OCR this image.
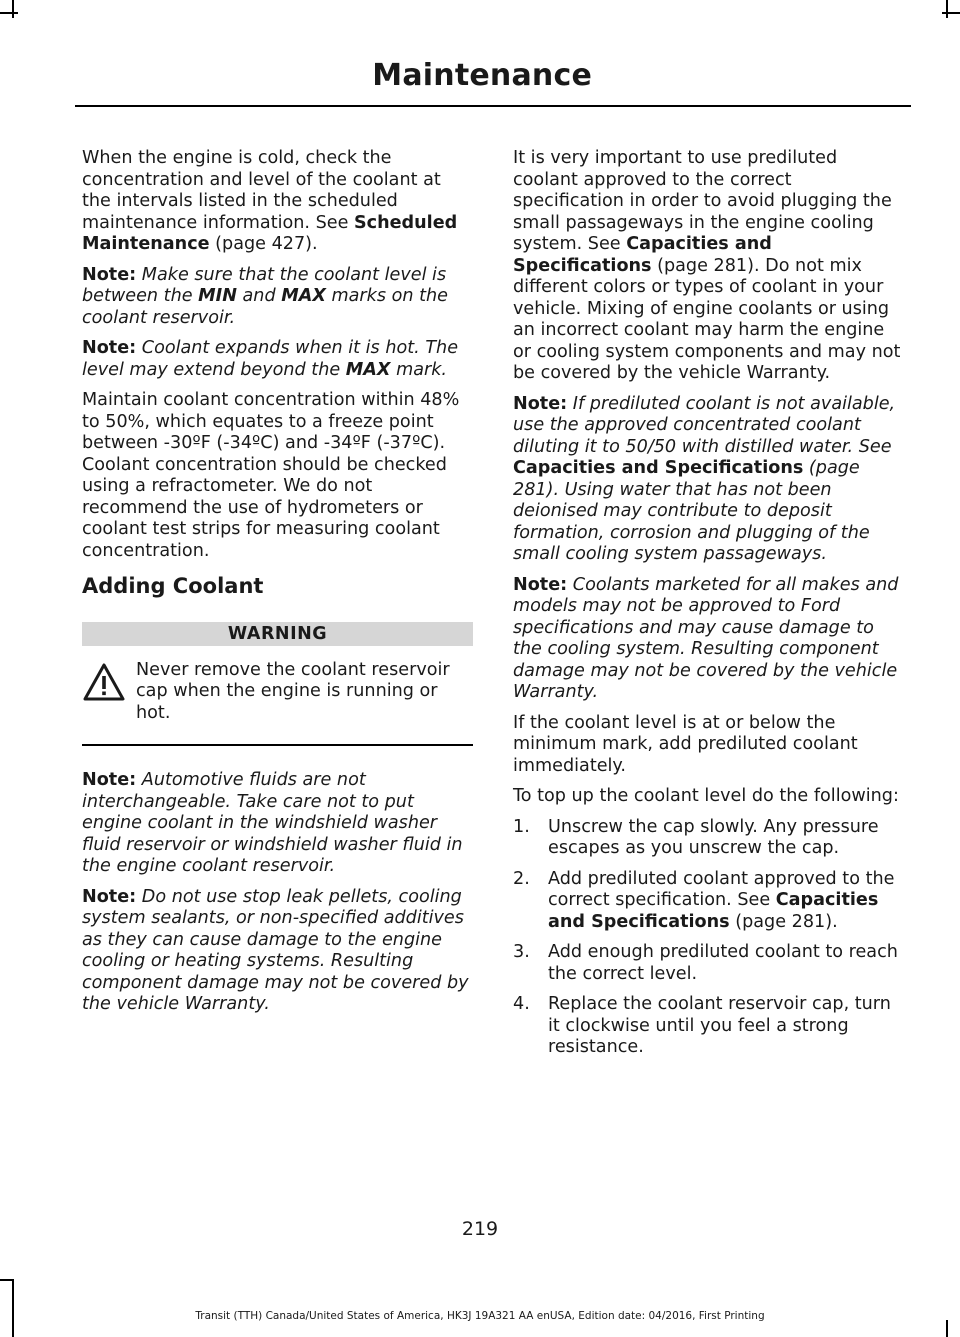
Maintenance

When the engine is cold, check the concentration and level of the coolant at the intervals listed in the scheduled maintenance information. See Scheduled Maintenance (page 427).

Note: Make sure that the coolant level is between the MIN and MAX marks on the coolant reservoir.

Note: Coolant expands when it is hot. The level may extend beyond the MAX mark.

Maintain coolant concentration within 48% to 50%, which equates to a freeze point between -30ºF (-34ºC) and -34ºF (-37ºC). Coolant concentration should be checked using a refractometer. We do not recommend the use of hydrometers or coolant test strips for measuring coolant concentration.

Adding Coolant
WARNING
Never remove the coolant reservoir cap when the engine is running or hot.

Note: Automotive fluids are not interchangeable. Take care not to put engine coolant in the windshield washer fluid reservoir or windshield washer fluid in the engine coolant reservoir.

Note: Do not use stop leak pellets, cooling system sealants, or non-specified additives as they can cause damage to the engine cooling or heating systems. Resulting component damage may not be covered by the vehicle Warranty.

It is very important to use prediluted coolant approved to the correct specification in order to avoid plugging the small passageways in the engine cooling system. See Capacities and Specifications (page 281). Do not mix different colors or types of coolant in your vehicle. Mixing of engine coolants or using an incorrect coolant may harm the engine or cooling system components and may not be covered by the vehicle Warranty.

Note: If prediluted coolant is not available, use the approved concentrated coolant diluting it to 50/50 with distilled water. See Capacities and Specifications (page 281). Using water that has not been deionised may contribute to deposit formation, corrosion and plugging of the small cooling system passageways.

Note: Coolants marketed for all makes and models may not be approved to Ford specifications and may cause damage to the cooling system. Resulting component damage may not be covered by the vehicle Warranty.

If the coolant level is at or below the minimum mark, add prediluted coolant immediately.

To top up the coolant level do the following:

1.	Unscrew the cap slowly. Any pressure escapes as you unscrew the cap.
2.	Add prediluted coolant approved to the correct specification. See Capacities and Specifications (page 281).
3.	Add enough prediluted coolant to reach the correct level.
4.	Replace the coolant reservoir cap, turn it clockwise until you feel a strong resistance.
219
Transit (TTH) Canada/United States of America, HK3J 19A321 AA enUSA, Edition date: 04/2016, First Printing
